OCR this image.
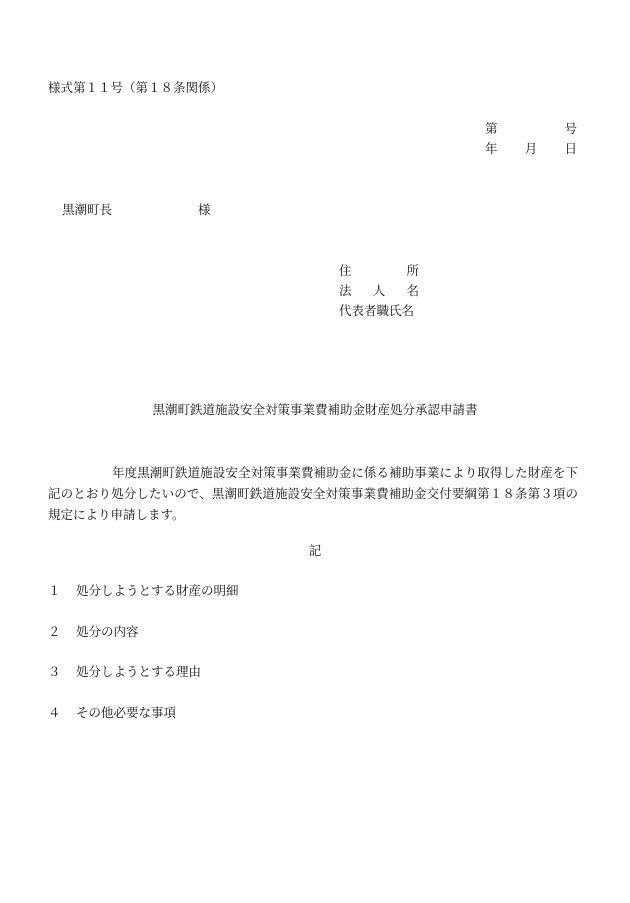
様式第１１号（第１８条関係）
第	号
年 月 日
黒潮町長	様
住	所
法 人 名
代表者職氏名
黒潮町鉄道施設安全対策事業費補助金財産処分承認申請書
年度黒潮町鉄道施設安全対策事業費補助金に係る補助事業により取得した財産を下記のとおり処分したいので、黒潮町鉄道施設安全対策事業費補助金交付要綱第１８条第３項の規定により申請します。
記
１ 処分しようとする財産の明細
２ 処分の内容
３ 処分しようとする理由
４ その他必要な事項
